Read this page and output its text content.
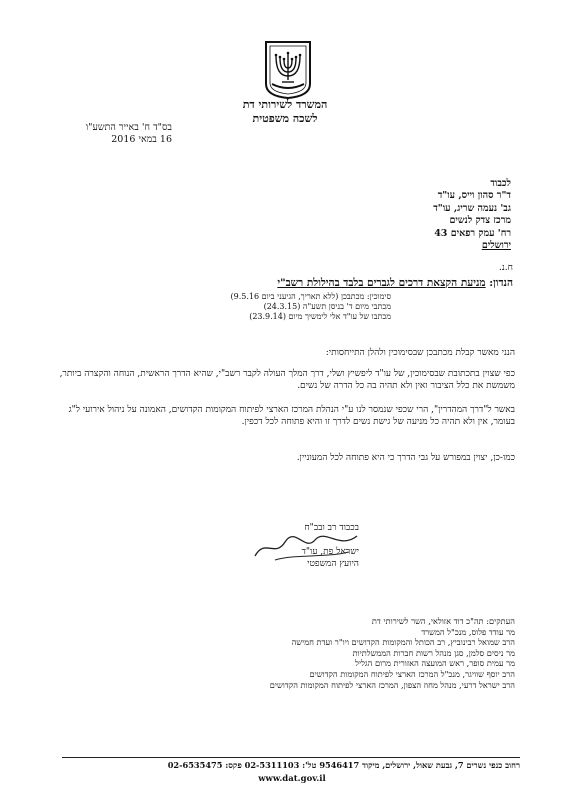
המשרד לשירותי דת
לשכה משפטית
בס"ד ח' באייר התשע"ו
16 במאי 2016
לכבוד
ד"ר סהון וייס, עו"ד
גב' נעמה שריג, עו"ד
מרכז צדק לנשים
רח' עמק רפאים 43
ירושלים
ח.נ.
הנדון: מניעת הקצאת דרכים לגברים בלבד בהילולת רשב"י
סימוכין: מכתבכן (ללא תאריך, הגיעני ביום 9.5.16)
מכתבי מיום ד' בניסן תשע"ה (24.3.15)
מכתבו של עו"ד אלי לימשיך מיום (23.9.14)
הנני מאשר קבלת מכתבכן שבסימוכין ולהלן התייחסותי:
כפי שצוין בתכתובת שבסימוכין, של עו"ד ליפשיץ ושלי, דרך המלך העולה לקבר רשב"י, שהיא הדרך הראשית, הנוחה והקצרה ביותר, משמשת את כלל הציבור ואין ולא תהיה בה כל הדרה של נשים.
באשר ל"דרך המהדרין", הרי שכפי שנמסר לנו ע"י הנהלת המרכז הארצי לפיתוח המקומות הקדושים, האמונה על ניהול אירועי ל"ג בעומר, אין ולא תהיה כל מניעה של גישת נשים לדרך זו והיא פתוחה לכל דכפין.
כמו-כן, יצוין במפורש על גבי הדרך כי היא פתוחה לכל המעוניין.
בכבוד רב ובב"ח
ישראל פת, עו"ד
היועץ המשפטי
העתקים: תה"כ דוד אזולאי, השר לשירותי דת
מר עודד פלוס, מנכ"ל המשרד
הרב שמואל רבינוביץ, רב הכותל והמקומות הקדושים ויו"ר ועדת חמישה
מר ניסים סלמן, סגן מנהל רשות חברות הממשלתיות
מר עמית סופר, ראש המועצה האזורית מרום הגליל
הרב יוסף שוויגר, מנכ"ל המרכז הארצי לפיתוח המקומות הקדושים
הרב ישראל דרעי, מנהל מחוז הצפון, המרכז הארצי לפיתוח המקומות הקדושים
רחוב כנפי נשרים 7, גבעת שאול, ירושלים, מיקוד 9546417 טל': 02-5311103 פקס: 02-6535475
www.dat.gov.il
